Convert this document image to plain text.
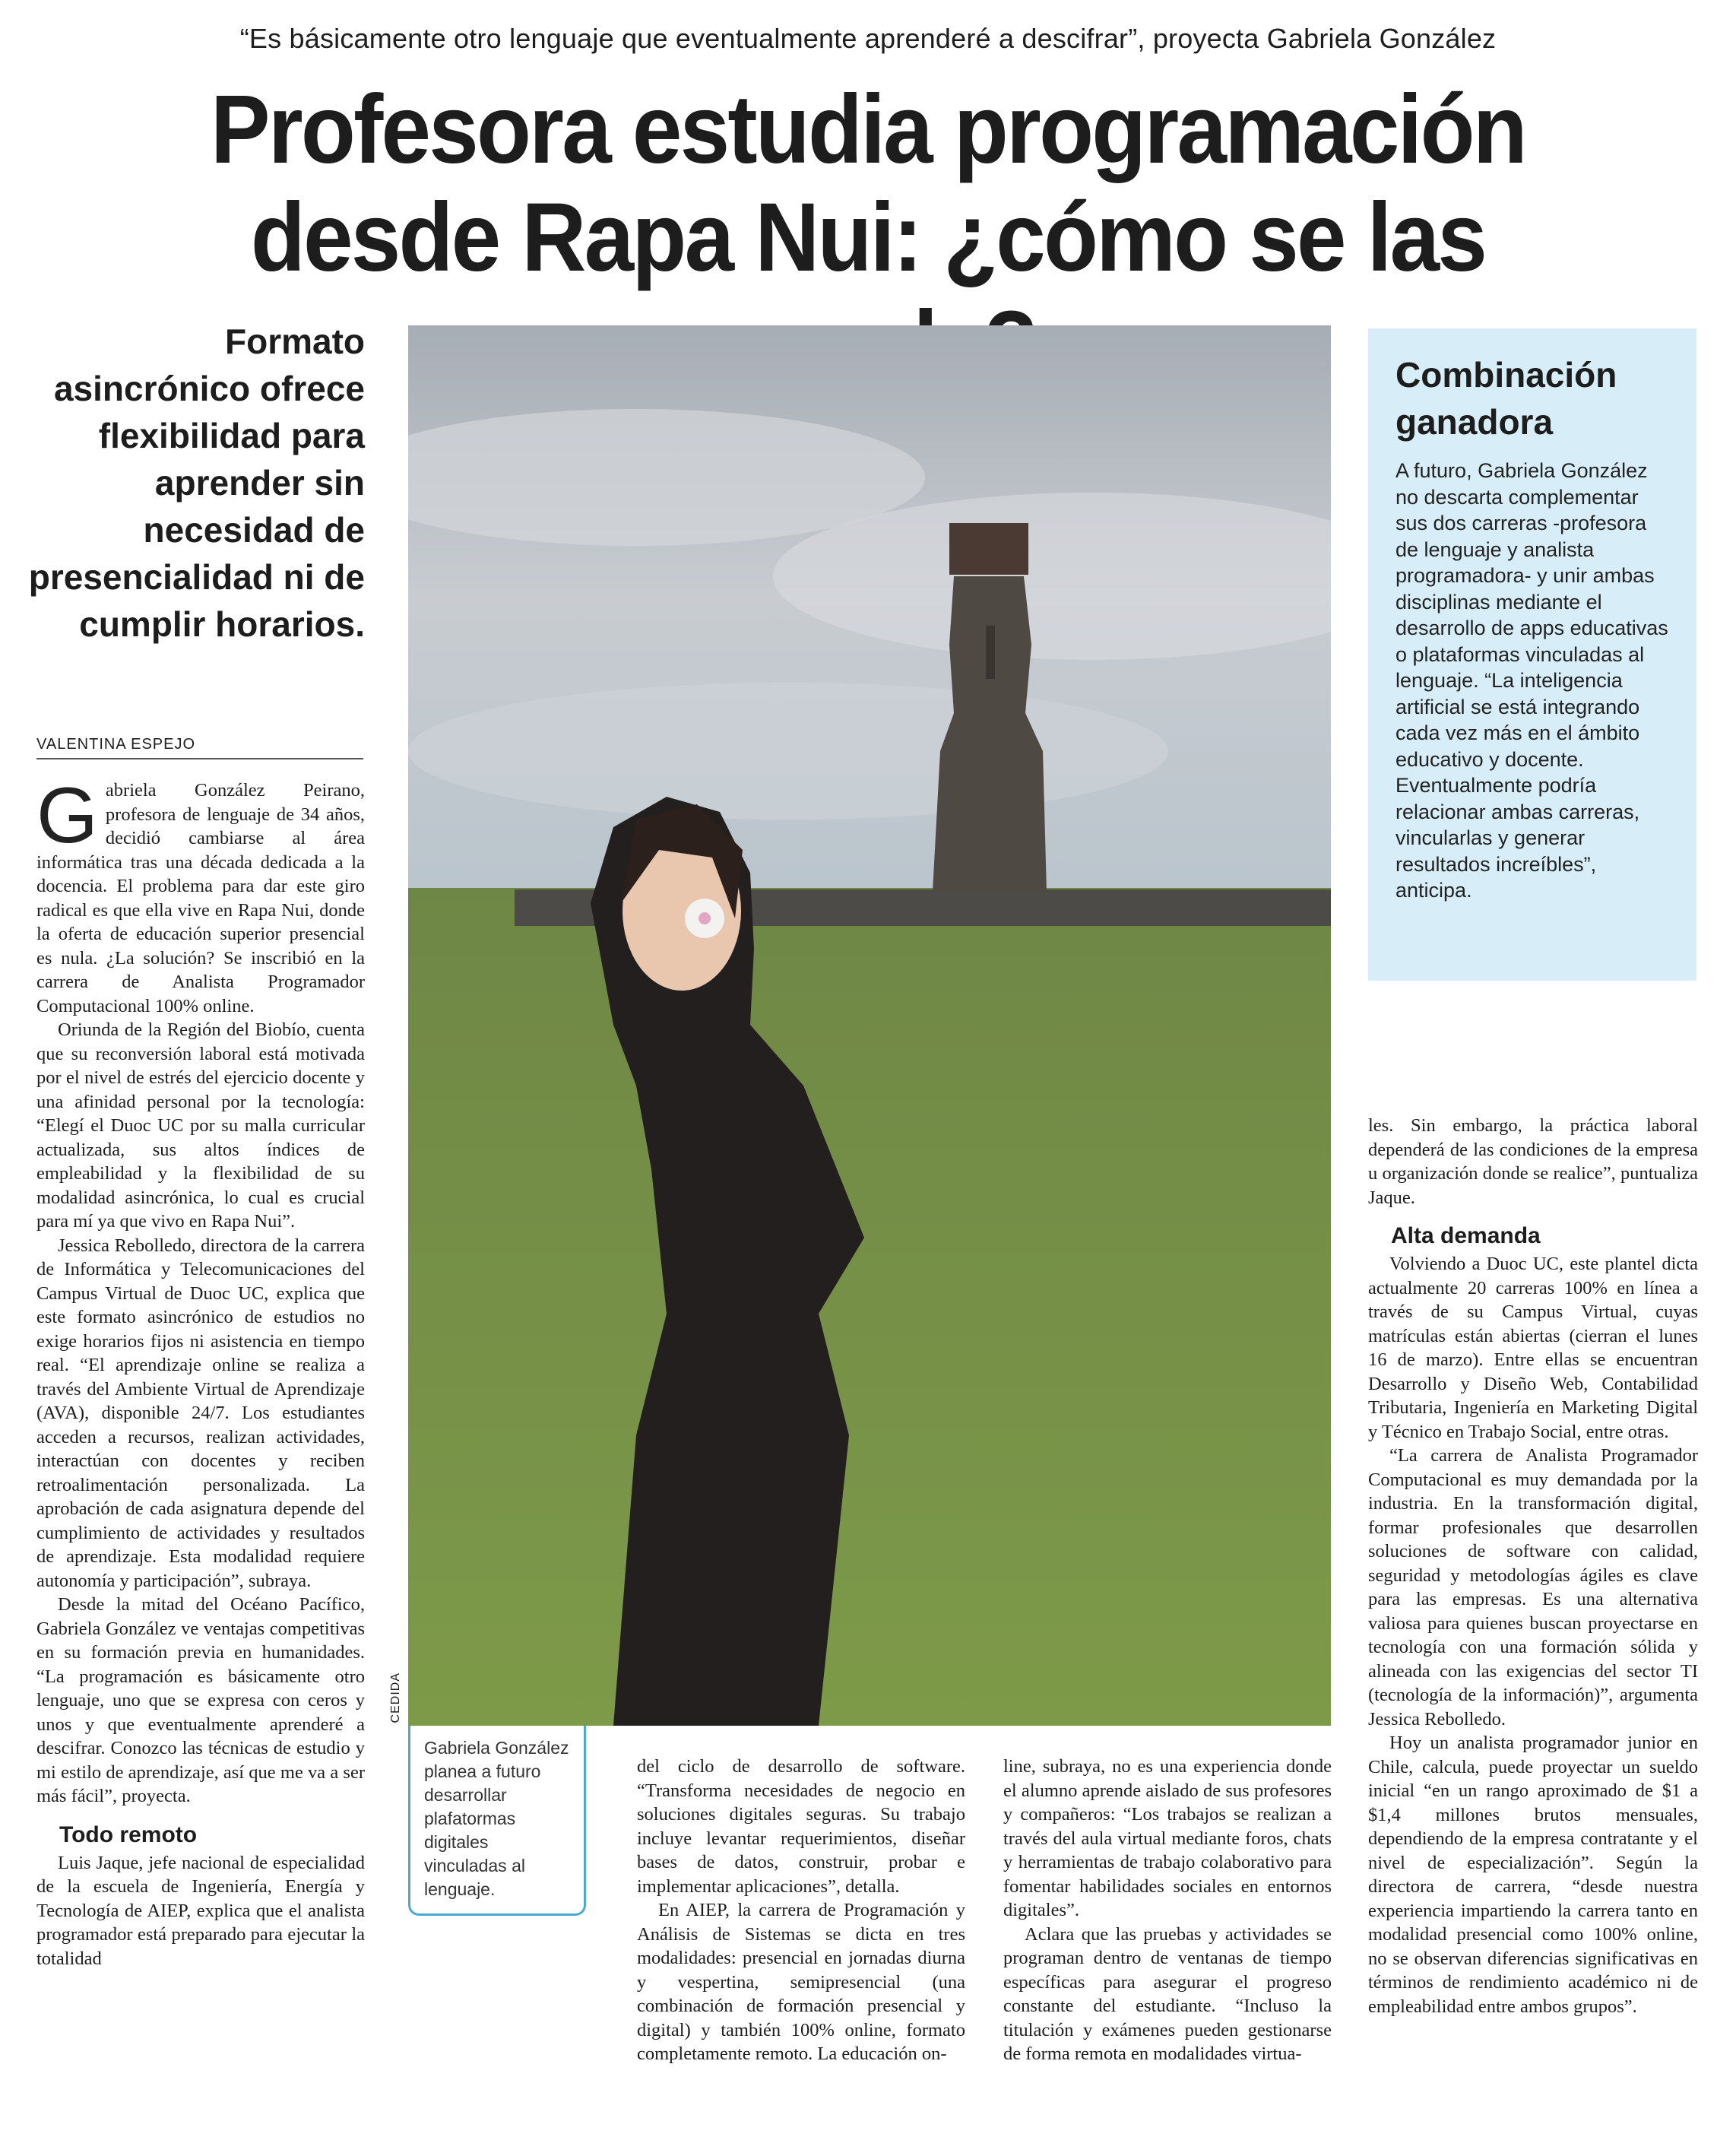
“Es básicamente otro lenguaje que eventualmente aprenderé a descifrar”, proyecta Gabriela González
Profesora estudia programación desde Rapa Nui: ¿cómo se las
Formato asincrónico ofrece flexibilidad para aprender sin necesidad de presencialidad ni de cumplir horarios.
VALENTINA ESPEJO

Gabriela González Peirano, profesora de lenguaje de 34 años, decidió cambiarse al área informática tras una década dedicada a la docencia. El problema para dar este giro radical es que ella vive en Rapa Nui, donde la oferta de educación superior presencial es nula. ¿La solución? Se inscribió en la carrera de Analista Programador Computacional 100% online.

Oriunda de la Región del Biobío, cuenta que su reconversión laboral está motivada por el nivel de estrés del ejercicio docente y una afinidad personal por la tecnología: “Elegí el Duoc UC por su malla curricular actualizada, sus altos índices de empleabilidad y la flexibilidad de su modalidad asincrónica, lo cual es crucial para mí ya que vivo en Rapa Nui”.

Jessica Rebolledo, directora de la carrera de Informática y Telecomunicaciones del Campus Virtual de Duoc UC, explica que este formato asincrónico de estudios no exige horarios fijos ni asistencia en tiempo real. “El aprendizaje online se realiza a través del Ambiente Virtual de Aprendizaje (AVA), disponible 24/7. Los estudiantes acceden a recursos, realizan actividades, interactúan con docentes y reciben retroalimentación personalizada. La aprobación de cada asignatura depende del cumplimiento de actividades y resultados de aprendizaje. Esta modalidad requiere autonomía y participación”, subraya.

Desde la mitad del Océano Pacífico, Gabriela González ve ventajas competitivas en su formación previa en humanidades. “La programación es básicamente otro lenguaje, uno que se expresa con ceros y unos y que eventualmente aprenderé a descifrar. Conozco las técnicas de estudio y mi estilo de aprendizaje, así que me va a ser más fácil”, proyecta.

Todo remoto

Luis Jaque, jefe nacional de especialidad de la escuela de Ingeniería, Energía y Tecnología de AIEP, explica que el analista programador está preparado para ejecutar la totalidad

CEDIDA
Gabriela González planea a futuro desarrollar plafatormas digitales vinculadas al lenguaje.

del ciclo de desarrollo de software. “Transforma necesidades de negocio en soluciones digitales seguras. Su trabajo incluye levantar requerimientos, diseñar bases de datos, construir, probar e implementar aplicaciones”, detalla.

En AIEP, la carrera de Programación y Análisis de Sistemas se dicta en tres modalidades: presencial en jornadas diurna y vespertina, semipresencial (una combinación de formación presencial y digital) y también 100% online, formato completamente remoto. La educación on-

line, subraya, no es una experiencia donde el alumno aprende aislado de sus profesores y compañeros: “Los trabajos se realizan a través del aula virtual mediante foros, chats y herramientas de trabajo colaborativo para fomentar habilidades sociales en entornos digitales”.

Aclara que las pruebas y actividades se programan dentro de ventanas de tiempo específicas para asegurar el progreso constante del estudiante. “Incluso la titulación y exámenes pueden gestionarse de forma remota en modalidades virtua-

Combinación ganadora
A futuro, Gabriela González no descarta complementar sus dos carreras -profesora de lenguaje y analista programadora- y unir ambas disciplinas mediante el desarrollo de apps educativas o plataformas vinculadas al lenguaje. “La inteligencia artificial se está integrando cada vez más en el ámbito educativo y docente. Eventualmente podría relacionar ambas carreras, vincularlas y generar resultados increíbles”, anticipa.

les. Sin embargo, la práctica laboral dependerá de las condiciones de la empresa u organización donde se realice”, puntualiza Jaque.

Alta demanda

Volviendo a Duoc UC, este plantel dicta actualmente 20 carreras 100% en línea a través de su Campus Virtual, cuyas matrículas están abiertas (cierran el lunes 16 de marzo). Entre ellas se encuentran Desarrollo y Diseño Web, Contabilidad Tributaria, Ingeniería en Marketing Digital y Técnico en Trabajo Social, entre otras.

“La carrera de Analista Programador Computacional es muy demandada por la industria. En la transformación digital, formar profesionales que desarrollen soluciones de software con calidad, seguridad y metodologías ágiles es clave para las empresas. Es una alternativa valiosa para quienes buscan proyectarse en tecnología con una formación sólida y alineada con las exigencias del sector TI (tecnología de la información)”, argumenta Jessica Rebolledo.

Hoy un analista programador junior en Chile, calcula, puede proyectar un sueldo inicial “en un rango aproximado de $1 a $1,4 millones brutos mensuales, dependiendo de la empresa contratante y el nivel de especialización”. Según la directora de carrera, “desde nuestra experiencia impartiendo la carrera tanto en modalidad presencial como 100% online, no se observan diferencias significativas en términos de rendimiento académico ni de empleabilidad entre ambos grupos”.
